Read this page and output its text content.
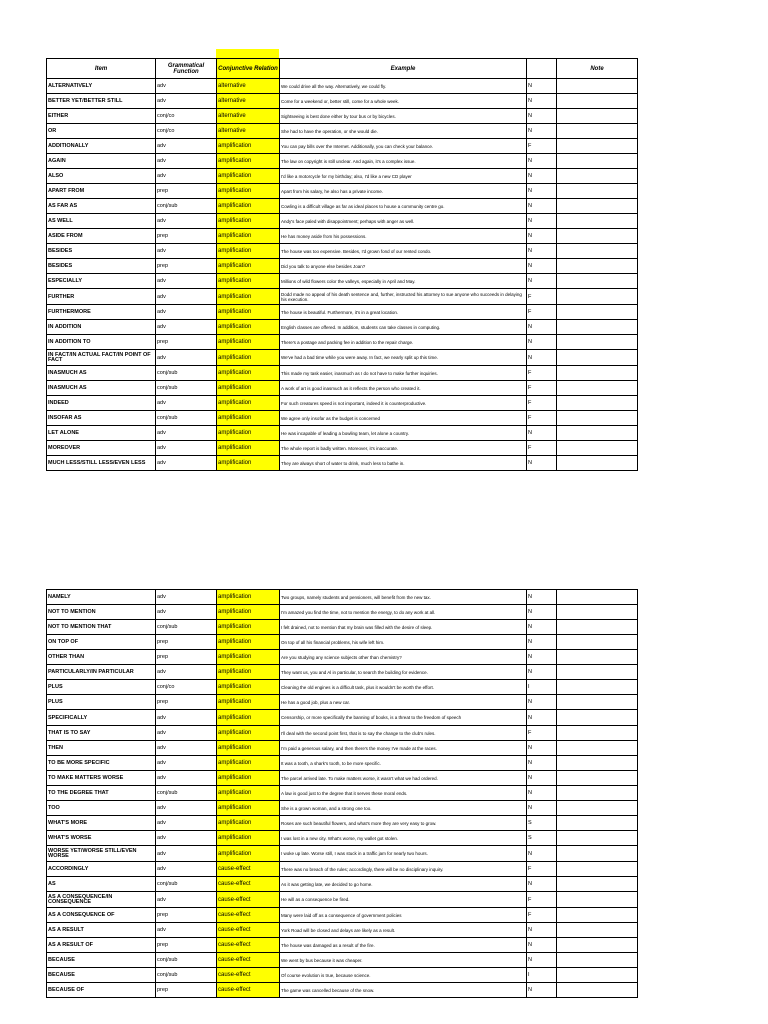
Item	Grammatical Function	Conjunctive Relation	Example		Note
ALTERNATIVELY	adv	alternative	We could drive all the way. Alternatively, we could fly.	N	
BETTER YET/BETTER STILL	adv	alternative	Come for a weekend or, better still, come for a whole week.	N	
EITHER	conj/co	alternative	Sightseeing is best done either by tour bus or by bicycles.	N	
OR	conj/co	alternative	She had to have the operation, or she would die.	N	
ADDITIONALLY	adv	amplification	You can pay bills over the Internet. Additionally, you can check your balance.	F	
AGAIN	adv	amplification	The law on copyright is still unclear. And again, it's a complex issue.	N	
ALSO	adv	amplification	I'd like a motorcycle for my birthday; also, I'd like a new CD player	N	
APART FROM	prep	amplification	Apart from his salary, he also has a private income.	N	
AS FAR AS	conj/sub	amplification	Cowling is a difficult village as far as ideal places to house a community centre go.	N	
AS WELL	adv	amplification	Andy's face paled with disappointment; perhaps with anger as well.	N	
ASIDE FROM	prep	amplification	He has money aside from his possessions.	N	
BESIDES	adv	amplification	The house was too expensive. Besides, I'd grown fond of our rented condo.	N	
BESIDES	prep	amplification	Did you talk to anyone else besides Joan?	N	
ESPECIALLY	adv	amplification	Millions of wild flowers color the valleys, especially in April and May.	N	
FURTHER	adv	amplification	Dodd made no appeal of his death sentence and, further, instructed his attorney to sue anyone who succeeds in delaying his execution.	F	
FURTHERMORE	adv	amplification	The house is beautiful. Furthermore, it's in a great location.	F	
IN ADDITION	adv	amplification	English classes are offered. In addition, students can take classes in computing.	N	
IN ADDITION TO	prep	amplification	There's a postage and packing fee in addition to the repair charge.	N	
IN FACT/IN ACTUAL FACT/IN POINT OF FACT	adv	amplification	We've had a bad time while you were away. In fact, we nearly split up this time.	N	
INASMUCH AS	conj/sub	amplification	This made my task easier, inasmuch as I do not have to make further inquiries.	F	
INASMUCH AS	conj/sub	amplification	A work of art is good inasmuch as it reflects the person who created it.	F	
INDEED	adv	amplification	For such creatures speed is not important, indeed it is counterproductive.	F	
INSOFAR AS	conj/sub	amplification	We agree only insofar as the budget is concerned	F	
LET ALONE	adv	amplification	He was incapable of leading a bowling team, let alone a country.	N	
MOREOVER	adv	amplification	The whole report is badly written. Moreover, it's inaccurate.	F	
MUCH LESS/STILL LESS/EVEN LESS	adv	amplification	They are always short of water to drink, much less to bathe in.	N	
NAMELY	adv	amplification	Two groups, namely students and pensioners, will benefit from the new tax.	N	
NOT TO MENTION	adv	amplification	I'm amazed you find the time, not to mention the energy, to do any work at all.	N	
NOT TO MENTION THAT	conj/sub	amplification	I felt drained, not to mention that my brain was filled with the desire of sleep.	N	
ON TOP OF	prep	amplification	On top of all his financial problems, his wife left him.	N	
OTHER THAN	prep	amplification	Are you studying any science subjects other than chemistry?	N	
PARTICULARLY/IN PARTICULAR	adv	amplification	They want us, you and Al in particular, to search the building for evidence.	N	
PLUS	conj/co	amplification	Cleaning the old engines is a difficult task, plus it wouldn't be worth the effort.	I	
PLUS	prep	amplification	He has a good job, plus a new car.	N	
SPECIFICALLY	adv	amplification	Censorship, or more specifically the banning of books, is a threat to the freedom of speech	N	
THAT IS TO SAY	adv	amplification	I'll deal with the second point first, that is to say the change to the club's rules.	F	
THEN	adv	amplification	I'm paid a generous salary, and then there's the money I've made at the races.	N	
TO BE MORE SPECIFIC	adv	amplification	It was a tooth, a shark's tooth, to be more specific.	N	
TO MAKE MATTERS WORSE	adv	amplification	The parcel arrived late. To make matters worse, it wasn't what we had ordered.	N	
TO THE DEGREE THAT	conj/sub	amplification	A law is good just to the degree that it serves these moral ends.	N	
TOO	adv	amplification	She is a grown woman, and a strong one too.	N	
WHAT'S MORE	adv	amplification	Roses are such beautiful flowers, and what's more they are very easy to grow.	S	
WHAT'S WORSE	adv	amplification	I was lost in a new city. What's worse, my wallet got stolen.	S	
WORSE YET/WORSE STILL/EVEN WORSE	adv	amplification	I woke up late. Worse still, I was stuck in a traffic jam for nearly two hours.	N	
ACCORDINGLY	adv	cause-effect	There was no breach of the rules; accordingly, there will be no disciplinary inquiry.	F	
AS	conj/sub	cause-effect	As it was getting late, we decided to go home.	N	
AS A CONSEQUENCE/IN CONSEQUENCE	adv	cause-effect	He will as a consequence be fired.	F	
AS A CONSEQUENCE OF	prep	cause-effect	Many were laid off as a consequence of government policies	F	
AS A RESULT	adv	cause-effect	York Road will be closed and delays are likely as a result.	N	
AS A RESULT OF	prep	cause-effect	The house was damaged as a result of the fire.	N	
BECAUSE	conj/sub	cause-effect	We went by bus because it was cheaper.	N	
BECAUSE	conj/sub	cause-effect	Of course evolution is true, because science.	I	
BECAUSE OF	prep	cause-effect	The game was cancelled because of the snow.	N	
